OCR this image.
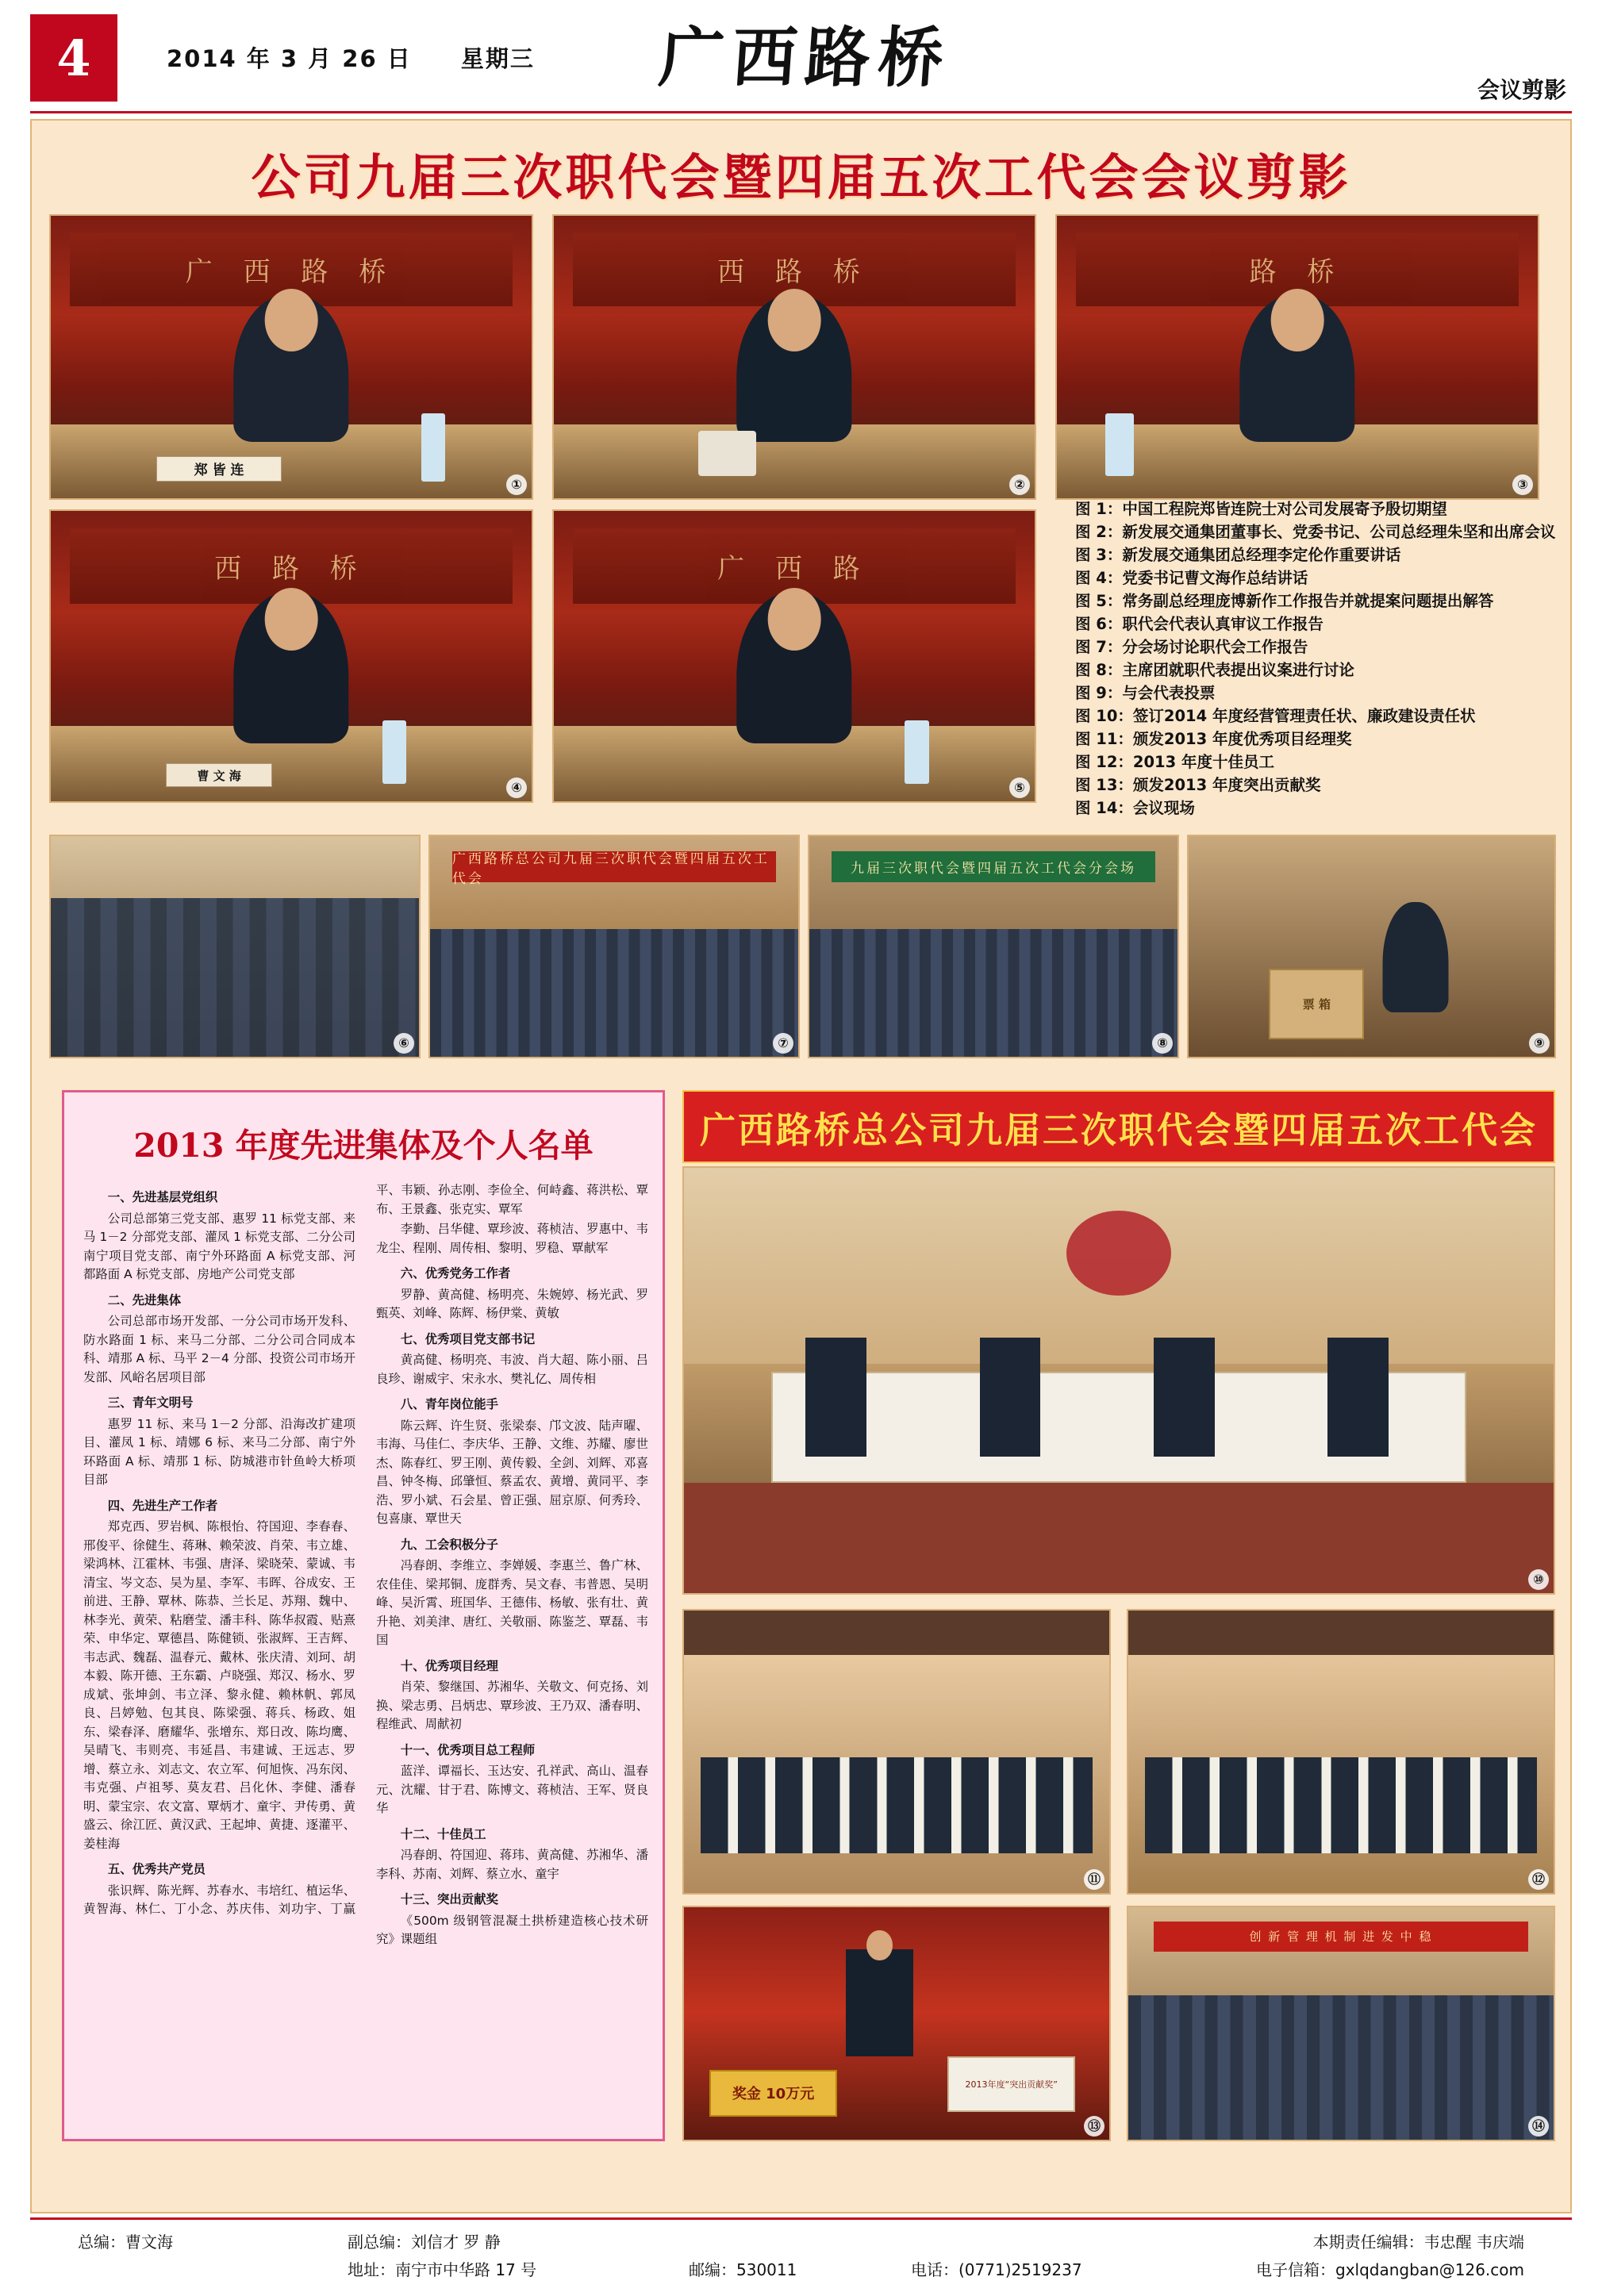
4	2014 年 3 月 26 日 星期三	广西路桥	会议剪影
公司九届三次职代会暨四届五次工代会会议剪影
广 西 路 桥
郑 皆 连
①
西 路 桥
②
路 桥
③
西 路 桥
曹 文 海
④
广 西 路
⑤
图 1：中国工程院郑皆连院士对公司发展寄予殷切期望
图 2：新发展交通集团董事长、党委书记、公司总经理朱坚和出席会议
图 3：新发展交通集团总经理李定伦作重要讲话
图 4：党委书记曹文海作总结讲话
图 5：常务副总经理庞博新作工作报告并就提案问题提出解答
图 6：职代会代表认真审议工作报告
图 7：分会场讨论职代会工作报告
图 8：主席团就职代表提出议案进行讨论
图 9：与会代表投票
图 10：签订2014 年度经营管理责任状、廉政建设责任状
图 11：颁发2013 年度优秀项目经理奖
图 12：2013 年度十佳员工
图 13：颁发2013 年度突出贡献奖
图 14：会议现场
⑥
广西路桥总公司九届三次职代会暨四届五次工代会
⑦
九届三次职代会暨四届五次工代会分会场
⑧
票 箱
⑨
2013 年度先进集体及个人名单
一、先进基层党组织
公司总部第三党支部、惠罗 11 标党支部、来马 1－2 分部党支部、灌凤 1 标党支部、二分公司南宁项目党支部、南宁外环路面 A 标党支部、河都路面 A 标党支部、房地产公司党支部
二、先进集体
公司总部市场开发部、一分公司市场开发科、防水路面 1 标、来马二分部、二分公司合同成本科、靖那 A 标、马平 2－4 分部、投资公司市场开发部、风峪名居项目部
三、青年文明号
惠罗 11 标、来马 1－2 分部、沿海改扩建项目、灌凤 1 标、靖娜 6 标、来马二分部、南宁外环路面 A 标、靖那 1 标、防城港市针鱼岭大桥项目部
四、先进生产工作者
郑克西、罗岩枫、陈根怡、符国迎、李春春、邢俊平、徐健生、蒋琳、赖荣波、肖荣、韦立雄、梁鸿林、江霍林、韦强、唐泽、梁晓荣、蒙诚、韦清宝、岑文态、吴为星、李军、韦晖、谷成安、王前进、王静、覃林、陈恭、兰长足、苏翔、魏中、林李光、黄荣、粘磨莹、潘丰科、陈华叔霞、贴熹荣、申华定、覃德昌、陈健锁、张淑辉、王吉辉、韦志武、魏磊、温春元、戴林、张庆清、刘珂、胡本毅、陈开德、王东霸、卢晓强、郑汉、杨水、罗成斌、张坤剑、韦立泽、黎永健、赖林帆、郭凤良、吕婷勉、包其良、陈梁强、蒋兵、杨政、姐东、梁春泽、磨耀华、张增东、郑日改、陈均鹰、吴晴飞、韦则亮、韦延昌、韦建诚、王远志、罗增、蔡立永、刘志文、农立军、何旭恢、冯东闵、韦克强、卢祖琴、莫友君、吕化休、李健、潘春明、蒙宝宗、农文富、覃炳才、童宇、尹传勇、黄盛云、徐江匠、黄汉武、王起坤、黄捷、逐灌平、姜桂海
五、优秀共产党员
张识辉、陈光辉、苏春水、韦培红、植运华、黄智海、林仁、丁小念、苏庆伟、刘功宇、丁赢平、韦颖、孙志刚、李俭全、何峙鑫、蒋洪松、覃布、王景鑫、张克实、覃军
李勤、吕华健、覃珍波、蒋桢洁、罗惠中、韦龙尘、程刚、周传相、黎明、罗稳、覃献军
六、优秀党务工作者
罗静、黄高健、杨明亮、朱婉婷、杨光武、罗甄英、刘峰、陈辉、杨伊棠、黄敏
七、优秀项目党支部书记
黄高健、杨明亮、韦波、肖大超、陈小丽、吕良珍、谢威宇、宋永水、樊礼亿、周传相
八、青年岗位能手
陈云辉、许生贤、张梁泰、邝文波、陆声曜、韦海、马佳仁、李庆华、王静、文维、苏耀、廖世杰、陈春红、罗王刚、黄传毅、全剑、刘辉、邓喜昌、钟冬梅、邱肇恒、蔡孟农、黄增、黄同平、李浩、罗小斌、石会星、曾正强、屈京原、何秀玲、包喜康、覃世天
九、工会积极分子
冯春朗、李维立、李婵媛、李惠兰、鲁广林、农佳佳、梁邦铜、庞群秀、吴文春、韦普恩、吴明峰、吴沂霄、班国华、王德伟、杨敏、张有壮、黄升艳、刘美津、唐红、关敬丽、陈鉴芝、覃磊、韦国
十、优秀项目经理
肖荣、黎继国、苏湘华、关敬文、何克扬、刘换、梁志勇、吕炳忠、覃珍波、王乃双、潘春明、程维武、周献初
十一、优秀项目总工程师
蓝洋、谭福长、玉达安、孔祥武、高山、温春元、沈耀、甘于君、陈博文、蒋桢洁、王军、贤良华
十二、十佳员工
冯春朗、符国迎、蒋玮、黄高健、苏湘华、潘李科、苏南、刘辉、蔡立水、童宇
十三、突出贡献奖
《500m 级钢管混凝土拱桥建造核心技术研究》课题组
广西路桥总公司九届三次职代会暨四届五次工代会
⑩
⑪	⑫
奖金 10万元
2013年度“突出贡献奖”
⑬
创 新 管 理 机 制 进 发 中 稳
⑭
总编：曹文海	副总编：刘信才 罗 静	本期责任编辑：韦忠醒 韦庆端
地址：南宁市中华路 17 号	邮编：530011	电话：(0771)2519237	电子信箱：gxlqdangban@126.com
